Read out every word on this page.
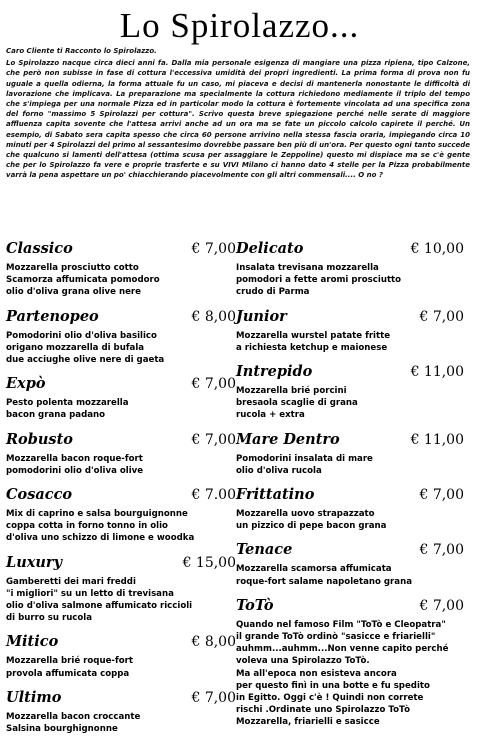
Lo Spirolazzo...
Caro Cliente ti Racconto lo Spirolazzo.

Lo Spirolazzo nacque circa dieci anni fa. Dalla mia personale esigenza di mangiare una pizza ripiena, tipo Calzone, che però non subisse in fase di cottura l'eccessiva umidità dei propri ingredienti. La prima forma di prova non fu uguale a quella odierna, la forma attuale fu un caso, mi piaceva e decisi di mantenerla nonostante le difficoltà di lavorazione che implicava. La preparazione ma specialmente la cottura richiedono mediamente il triplo del tempo che s'impiega per una normale Pizza ed in particolar modo la cottura è fortemente vincolata ad una specifica zona del forno "massimo 5 Spirolazzi per cottura". Scrivo questa breve spiegazione perché nelle serate di maggiore affluenza capita sovente che l'attesa arrivi anche ad un ora ma se fate un piccolo calcolo capirete il perché. Un esempio, di Sabato sera capita spesso che circa 60 persone arrivino nella stessa fascia oraria, impiegando circa 10 minuti per 4 Spirolazzi del primo al sessantesimo dovrebbe passare ben più di un'ora. Per questo ogni tanto succede che qualcuno si lamenti dell'attesa (ottima scusa per assaggiare le Zeppoline) questo mi dispiace ma se c'è gente che per lo Spirolazzo fa vere e proprie trasferte e su VIVI Milano ci hanno dato 4 stelle per la Pizza probabilmente varrà la pena aspettare un po' chiacchierando piacevolmente con gli altri commensali.... O no ?

Classico	€ 7,00
Mozzarella prosciutto cotto
Scamorza affumicata pomodoro
olio d'oliva grana olive nere
Partenopeo	€ 8,00
Pomodorini olio d'oliva basilico
origano mozzarella di bufala
due acciughe olive nere di gaeta
Expò	€ 7,00
Pesto polenta mozzarella
bacon grana padano
Robusto	€ 7,00
Mozzarella bacon roque-fort
pomodorini olio d'oliva olive
Cosacco	€ 7.00
Mix di caprino e salsa bourguignonne
coppa cotta in forno tonno in olio
d'oliva uno schizzo di limone e woodka
Luxury	€ 15,00
Gamberetti dei mari freddi
"i migliori" su un letto di trevisana
olio d'oliva salmone affumicato riccioli
di burro su rucola
Mitico	€ 8,00
Mozzarella brié roque-fort
provola affumicata coppa
Ultimo	€ 7,00
Mozzarella bacon croccante
Salsina bourghignonne
Delicato	€ 10,00
Insalata trevisana mozzarella
pomodori a fette aromi prosciutto
crudo di Parma
Junior	€ 7,00
Mozzarella wurstel patate fritte
a richiesta ketchup e maionese
Intrepido	€ 11,00
Mozzarella brié porcini
bresaola scaglie di grana
rucola + extra
Mare Dentro	€ 11,00
Pomodorini insalata di mare
olio d'oliva rucola
Frittatino	€ 7,00
Mozzarella uovo strapazzato
un pizzico di pepe bacon grana
Tenace	€ 7,00
Mozzarella scamorsa affumicata
roque-fort salame napoletano grana
ToTò	€ 7,00
Quando nel famoso Film "ToTò e Cleopatra"
il grande ToTò ordinò "sasicce e friarielli"
auhmm...auhmm...Non venne capito perché
voleva una Spirolazzo ToTò.
Ma all'epoca non esisteva ancora
per questo finì in una botte e fu spedito
in Egitto. Oggi c'è ! Quindi non correte
rischi .Ordinate uno Spirolazzo ToTò
Mozzarella, friarielli e sasicce
